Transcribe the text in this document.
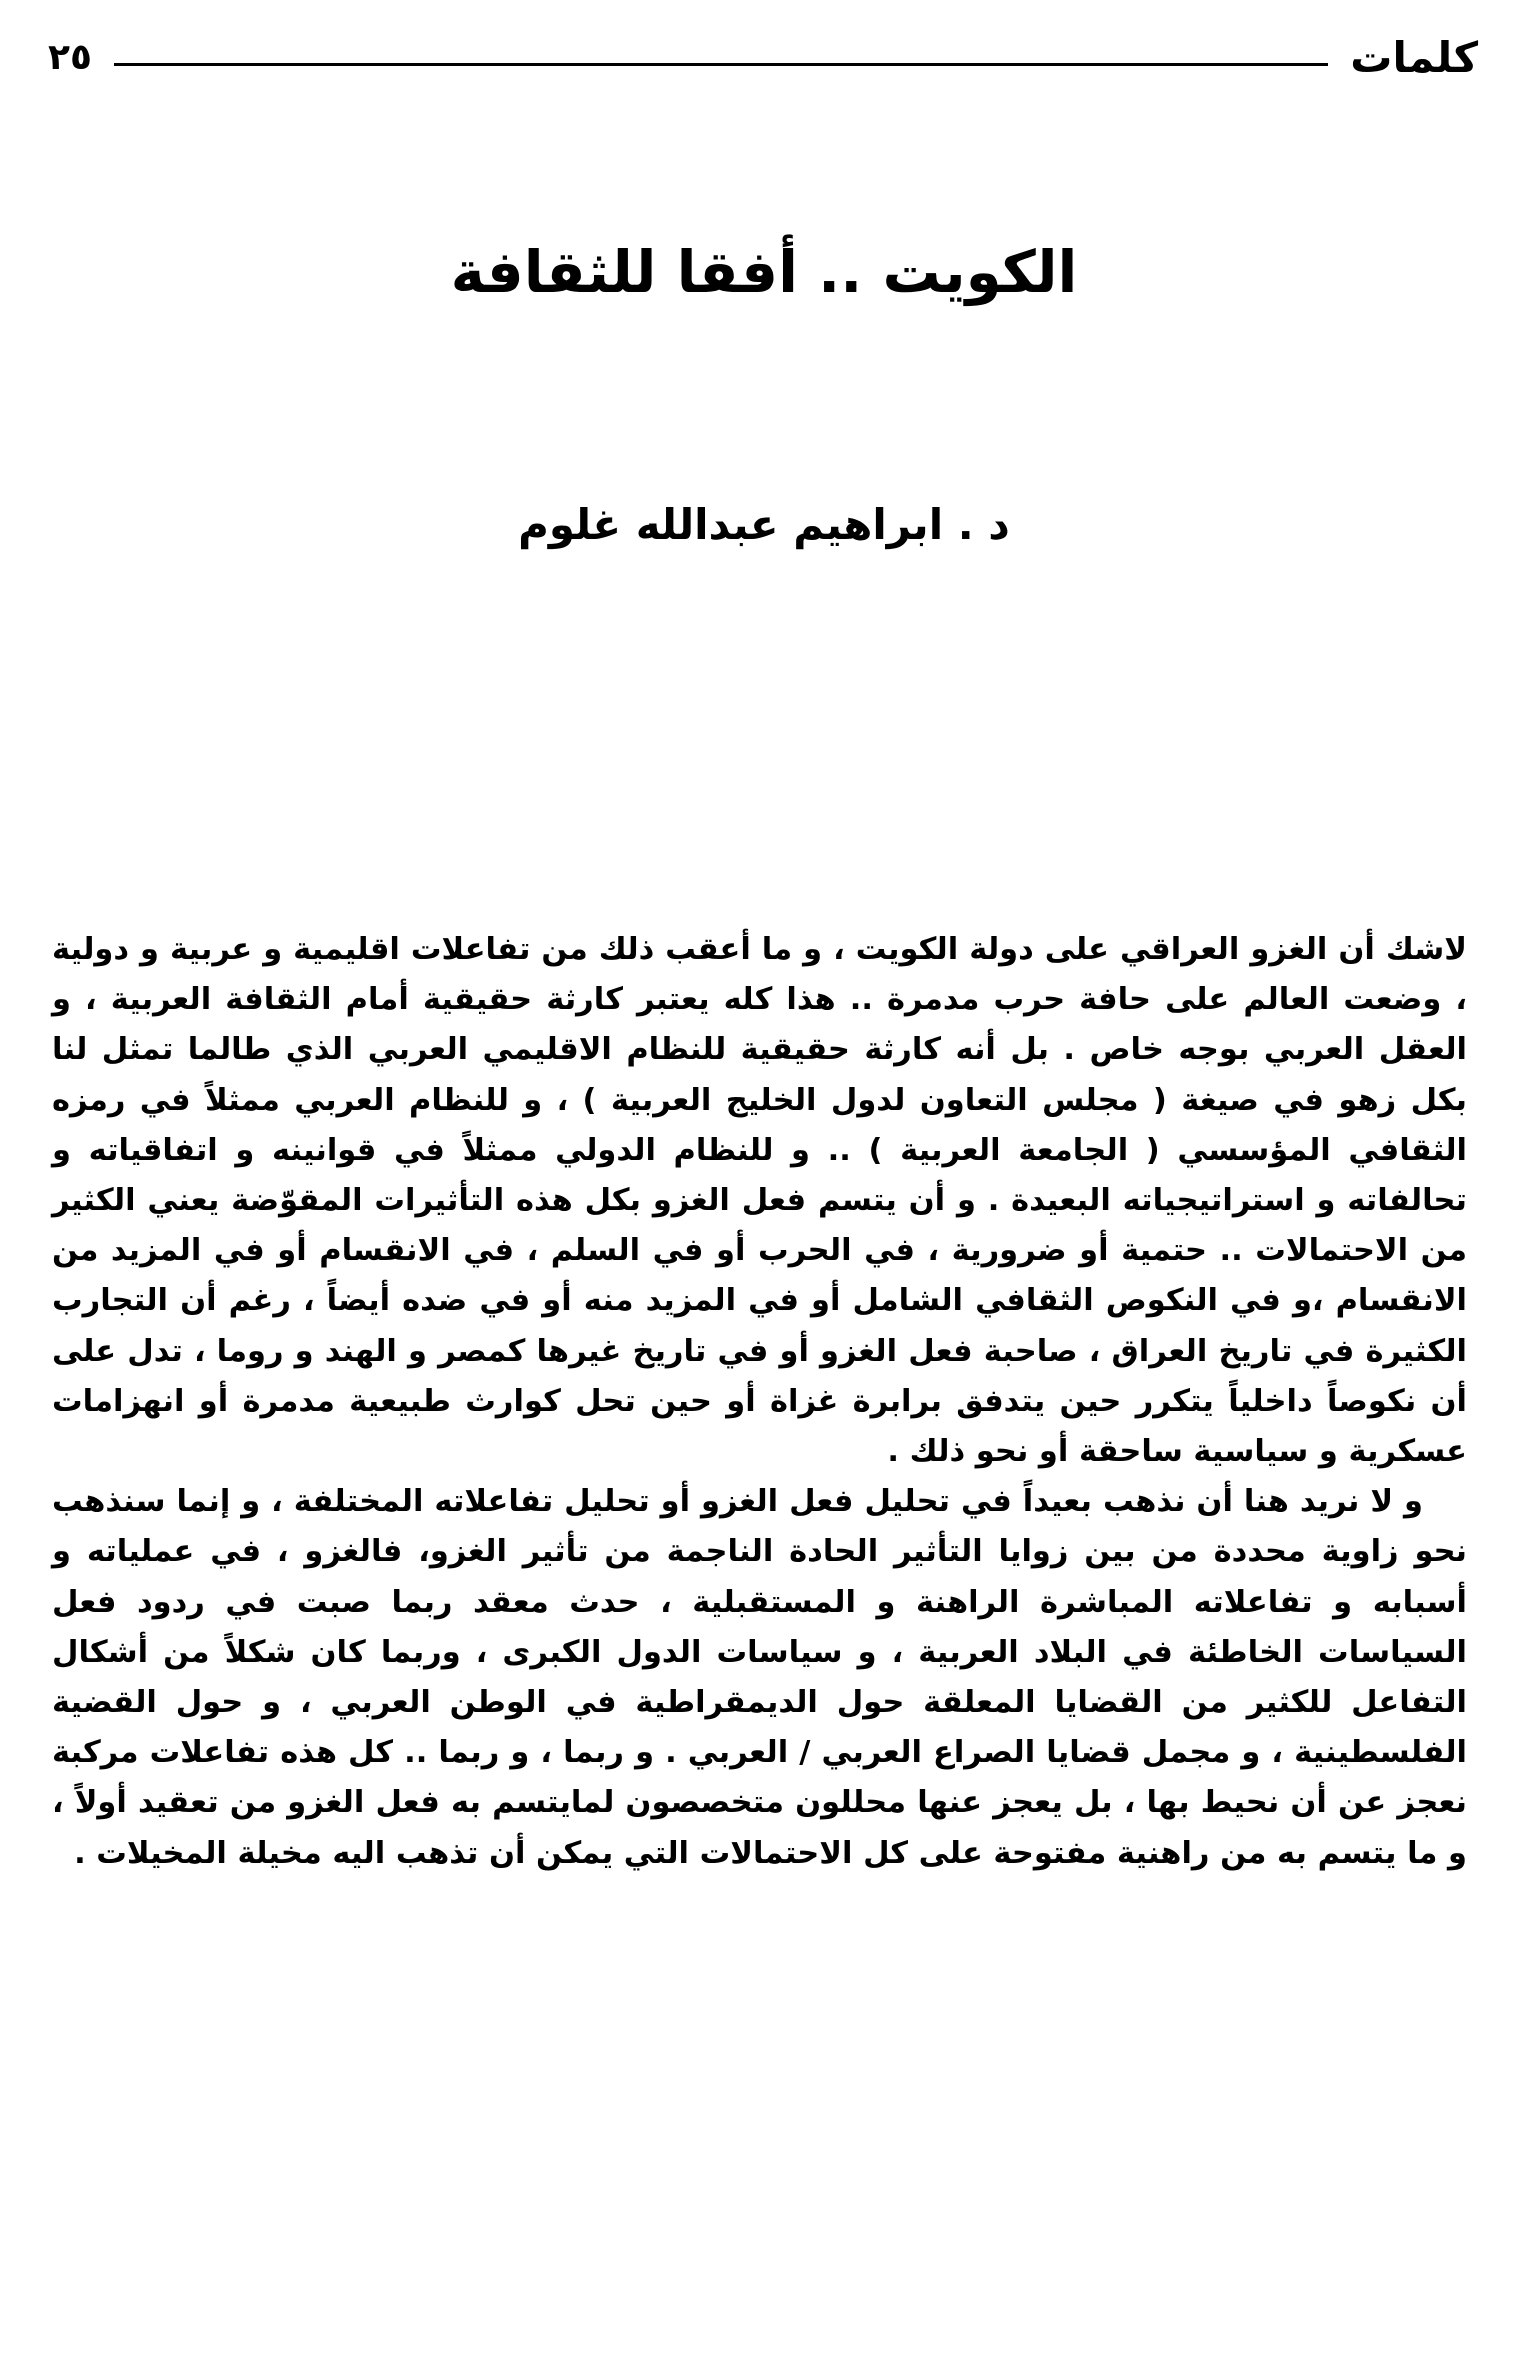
كلمات
٢٥
الكويت .. أفقا للثقافة
د . ابراهيم عبدالله غلوم

لاشك أن الغزو العراقي على دولة الكويت ، و ما أعقب ذلك من تفاعلات اقليمية و عربية و دولية ، وضعت العالم على حافة حرب مدمرة .. هذا كله يعتبر كارثة حقيقية أمام الثقافة العربية ، و العقل العربي بوجه خاص . بل أنه كارثة حقيقية للنظام الاقليمي العربي الذي طالما تمثل لنا بكل زهو في صيغة ( مجلس التعاون لدول الخليج العربية ) ، و للنظام العربي ممثلاً في رمزه الثقافي المؤسسي ( الجامعة العربية ) .. و للنظام الدولي ممثلاً في قوانينه و اتفاقياته و تحالفاته و استراتيجياته البعيدة . و أن يتسم فعل الغزو بكل هذه التأثيرات المقوّضة يعني الكثير من الاحتمالات .. حتمية أو ضرورية ، في الحرب أو في السلم ، في الانقسام أو في المزيد من الانقسام ،و في النكوص الثقافي الشامل أو في المزيد منه أو في ضده أيضاً ، رغم أن التجارب الكثيرة في تاريخ العراق ، صاحبة فعل الغزو أو في تاريخ غيرها كمصر و الهند و روما ، تدل على أن نكوصاً داخلياً يتكرر حين يتدفق برابرة غزاة أو حين تحل كوارث طبيعية مدمرة أو انهزامات عسكرية و سياسية ساحقة أو نحو ذلك .

و لا نريد هنا أن نذهب بعيداً في تحليل فعل الغزو أو تحليل تفاعلاته المختلفة ، و إنما سنذهب نحو زاوية محددة من بين زوايا التأثير الحادة الناجمة من تأثير الغزو، فالغزو ، في عملياته و أسبابه و تفاعلاته المباشرة الراهنة و المستقبلية ، حدث معقد ربما صبت في ردود فعل السياسات الخاطئة في البلاد العربية ، و سياسات الدول الكبرى ، وربما كان شكلاً من أشكال التفاعل للكثير من القضايا المعلقة حول الديمقراطية في الوطن العربي ، و حول القضية الفلسطينية ، و مجمل قضايا الصراع العربي / العربي . و ربما ، و ربما .. كل هذه تفاعلات مركبة نعجز عن أن نحيط بها ، بل يعجز عنها محللون متخصصون لمايتسم به فعل الغزو من تعقيد أولاً ، و ما يتسم به من راهنية مفتوحة على كل الاحتمالات التي يمكن أن تذهب اليه مخيلة المخيلات .
